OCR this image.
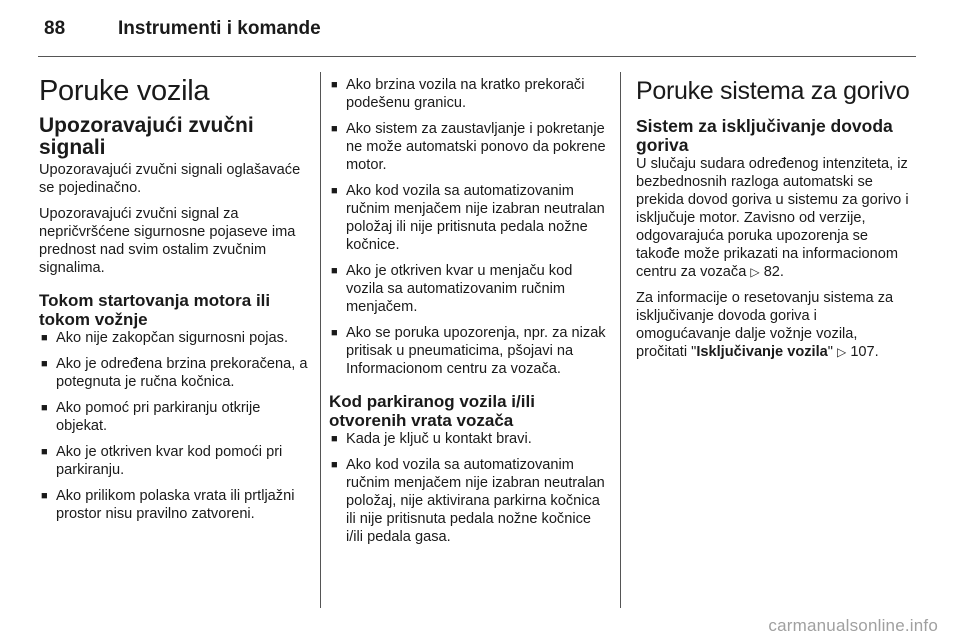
88	Instrumenti i komande
Poruke vozila
Upozoravajući zvučni signali

Upozoravajući zvučni signali oglašavaće se pojedinačno.

Upozoravajući zvučni signal za nepričvršćene sigurnosne pojaseve ima prednost nad svim ostalim zvučnim signalima.

Tokom startovanja motora ili tokom vožnje
■ Ako nije zakopčan sigurnosni pojas.
■ Ako je određena brzina prekoračena, a potegnuta je ručna kočnica.
■ Ako pomoć pri parkiranju otkrije objekat.
■ Ako je otkriven kvar kod pomoći pri parkiranju.
■ Ako prilikom polaska vrata ili prtljažni prostor nisu pravilno zatvoreni.
■ Ako brzina vozila na kratko prekorači podešenu granicu.
■ Ako sistem za zaustavljanje i pokretanje ne može automatski ponovo da pokrene motor.
■ Ako kod vozila sa automatizovanim ručnim menjačem nije izabran neutralan položaj ili nije pritisnuta pedala nožne kočnice.
■ Ako je otkriven kvar u menjaču kod vozila sa automatizovanim ručnim menjačem.
■ Ako se poruka upozorenja, npr. za nizak pritisak u pneumaticima, pšojavi na Informacionom centru za vozača.
Kod parkiranog vozila i/ili otvorenih vrata vozača
■ Kada je ključ u kontakt bravi.
■ Ako kod vozila sa automatizovanim ručnim menjačem nije izabran neutralan položaj, nije aktivirana parkirna kočnica ili nije pritisnuta pedala nožne kočnice i/ili pedala gasa.
Poruke sistema za gorivo
Sistem za isključivanje dovoda goriva

U slučaju sudara određenog intenziteta, iz bezbednosnih razloga automatski se prekida dovod goriva u sistemu za gorivo i isključuje motor. Zavisno od verzije, odgovarajuća poruka upozorenja se takođe može prikazati na informacionom centru za vozača ▷ 82.

Za informacije o resetovanju sistema za isključivanje dovoda goriva i omogućavanje dalje vožnje vozila, pročitati "Isključivanje vozila" ▷ 107.

carmanualsonline.info
